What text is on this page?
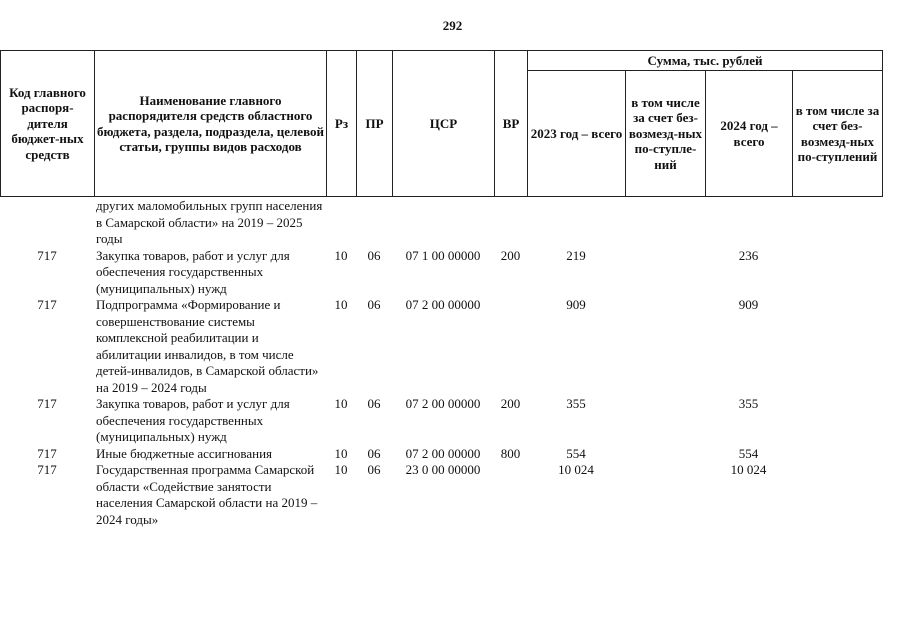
292
Код главного распоря-дителя бюджет-ных средств	Наименование главного распорядителя средств областного бюджета, раздела, подраздела, целевой статьи, группы видов расходов	Рз	ПР	ЦСР	ВР	Сумма, тыс. рублей			
						2023 год – всего	в том числе за счет без-возмезд-ных по-ступле-ний	2024 год – всего	в том числе за счет без-возмезд-ных по-ступлений
	других маломобильных групп населения в Самарской области» на 2019 – 2025 годы								
717	Закупка товаров, работ и услуг для обеспечения государственных (муниципальных) нужд	10	06	07 1 00 00000	200	219		236	
717	Подпрограмма «Формирование и совершенствование системы комплексной реабилитации и абилитации инвалидов, в том числе детей-инвалидов, в Самарской области» на 2019 – 2024 годы	10	06	07 2 00 00000		909		909	
717	Закупка товаров, работ и услуг для обеспечения государственных (муниципальных) нужд	10	06	07 2 00 00000	200	355		355	
717	Иные бюджетные ассигнования	10	06	07 2 00 00000	800	554		554	
717	Государственная программа Самарской области «Содействие занятости населения Самарской области на 2019 – 2024 годы»	10	06	23 0 00 00000		10 024		10 024	
